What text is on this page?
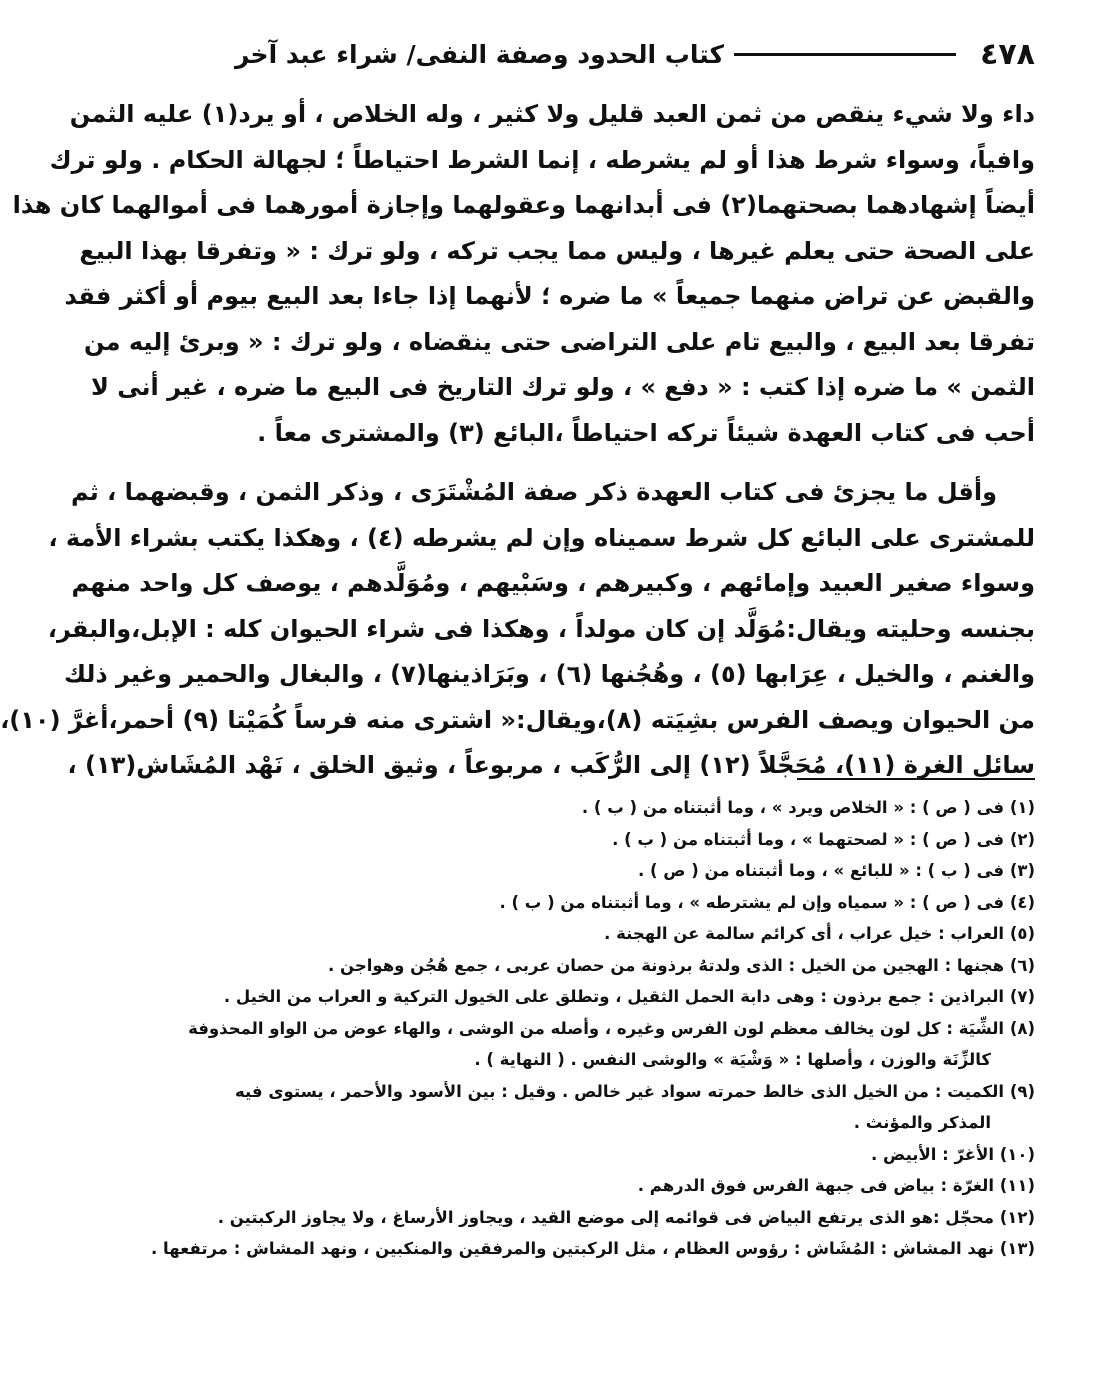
٤٧٨
كتاب الحدود وصفة النفى/ شراء عبد آخر
داء ولا شيء ينقص من ثمن العبد قليل ولا كثير ، وله الخلاص ، أو يرد(١) عليه الثمن
وافياً، وسواء شرط هذا أو لم يشرطه ، إنما الشرط احتياطاً ؛ لجهالة الحكام . ولو ترك
أيضاً إشهادهما بصحتهما(٢) فى أبدانهما وعقولهما وإجازة أمورهما فى أموالهما كان هذا
على الصحة حتى يعلم غيرها ، وليس مما يجب تركه ، ولو ترك : « وتفرقا بهذا البيع
والقبض عن تراض منهما جميعاً » ما ضره ؛ لأنهما إذا جاءا بعد البيع بيوم أو أكثر فقد
تفرقا بعد البيع ، والبيع تام على التراضى حتى ينقضاه ، ولو ترك : « وبرئ إليه من
الثمن » ما ضره إذا كتب : « دفع » ، ولو ترك التاريخ فى البيع ما ضره ، غير أنى لا
أحب فى كتاب العهدة شيئاً تركه احتياطاً ،البائع (٣) والمشترى معاً .
وأقل ما يجزئ فى كتاب العهدة ذكر صفة المُشْتَرَى ، وذكر الثمن ، وقبضهما ، ثم
للمشترى على البائع كل شرط سميناه وإن لم يشرطه (٤) ، وهكذا يكتب بشراء الأمة ،
وسواء صغير العبيد وإمائهم ، وكبيرهم ، وسَبْيهم ، ومُوَلَّدهم ، يوصف كل واحد منهم
بجنسه وحليته ويقال:مُوَلَّد إن كان مولداً ، وهكذا فى شراء الحيوان كله : الإبل،والبقر،
والغنم ، والخيل ، عِرَابها (٥) ، وهُجُنها (٦) ، وبَرَاذينها(٧) ، والبغال والحمير وغير ذلك
من الحيوان ويصف الفرس بشِيَته (٨)،ويقال:« اشترى منه فرساً كُمَيْتا (٩) أحمر،أغرَّ (١٠)،
سائل الغرة (١١)، مُحَجَّلاً (١٢) إلى الرُّكَب ، مربوعاً ، وثيق الخلق ، نَهْد المُشَاش(١٣) ،
(١) فى ( ص ) : « الخلاص ويرد » ، وما أثبتناه من ( ب ) .
(٢) فى ( ص ) : « لصحتهما » ، وما أثبتناه من ( ب ) .
(٣) فى ( ب ) : « للبائع » ، وما أثبتناه من ( ص ) .
(٤) فى ( ص ) : « سمياه وإن لم يشترطه » ، وما أثبتناه من ( ب ) .
(٥) العراب : خيل عراب ، أى كرائم سالمة عن الهجنة .
(٦) هجنها : الهجين من الخيل : الذى ولدتهُ برذونة من حصان عربى ، جمع هُجُن وهواجن .
(٧) البراذين : جمع برذون : وهى دابة الحمل الثقيل ، وتطلق على الخيول التركية و العراب من الخيل .
(٨) الشِّيَة : كل لون يخالف معظم لون الفرس وغيره ، وأصله من الوشى ، والهاء عوض من الواو المحذوفة
كالزِّنَة والوزن ، وأصلها : « وَشْيَة » والوشى النفس . ( النهاية ) .
(٩) الكميت : من الخيل الذى خالط حمرته سواد غير خالص . وقيل : بين الأسود والأحمر ، يستوى فيه
المذكر والمؤنث .
(١٠) الأغرّ : الأبيض .
(١١) الغرّة : بياض فى جبهة الفرس فوق الدرهم .
(١٢) محجّل :هو الذى يرتفع البياض فى قوائمه إلى موضع القيد ، ويجاوز الأرساغ ، ولا يجاوز الركبتين .
(١٣) نهد المشاش : المُشَاش : رؤوس العظام ، مثل الركبتين والمرفقين والمنكبين ، ونهد المشاش : مرتفعها .
